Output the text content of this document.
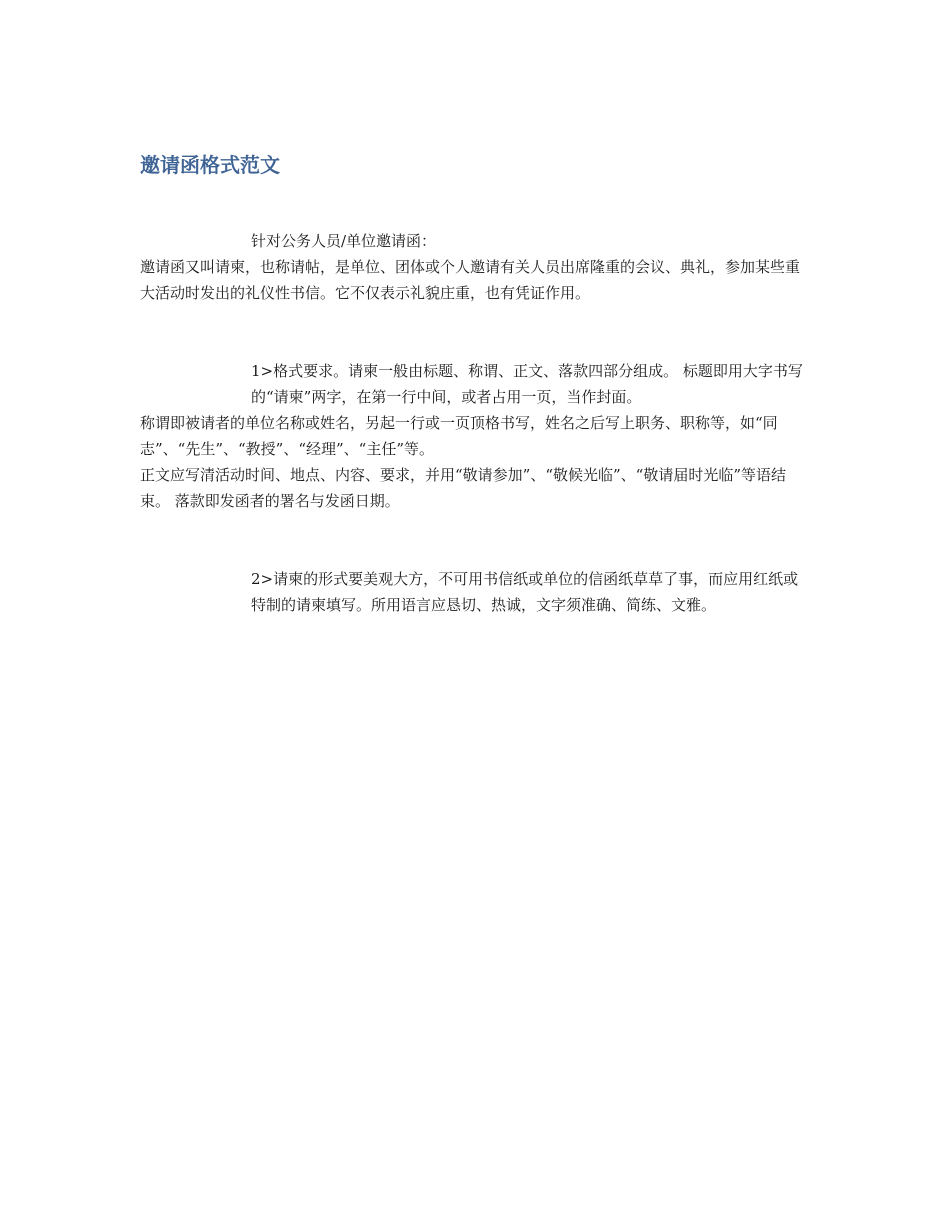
邀请函格式范文

针对公务人员/单位邀请函：

邀请函又叫请柬，也称请帖，是单位、团体或个人邀请有关人员出席隆重的会议、典礼，参加某些重大活动时发出的礼仪性书信。它不仅表示礼貌庄重，也有凭证作用。

1>格式要求。请柬一般由标题、称谓、正文、落款四部分组成。 标题即用大字书写的“请柬”两字，在第一行中间，或者占用一页，当作封面。

称谓即被请者的单位名称或姓名，另起一行或一页顶格书写，姓名之后写上职务、职称等，如“同志”、“先生”、“教授”、“经理”、“主任”等。

正文应写清活动时间、地点、内容、要求，并用“敬请参加”、“敬候光临”、“敬请届时光临”等语结束。 落款即发函者的署名与发函日期。

2>请柬的形式要美观大方，不可用书信纸或单位的信函纸草草了事，而应用红纸或特制的请柬填写。所用语言应恳切、热诚，文字须准确、简练、文雅。
